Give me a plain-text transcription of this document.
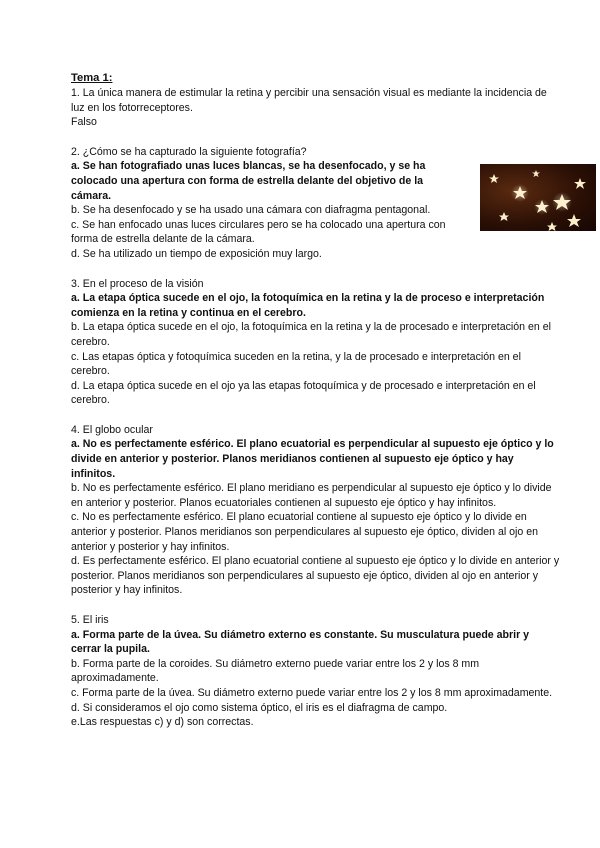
Tema 1:

1. La única manera de estimular la retina y percibir una sensación visual es mediante la incidencia de luz en los fotorreceptores.

Falso

2. ¿Cómo se ha capturado la siguiente fotografía?

a. Se han fotografiado unas luces blancas, se ha desenfocado, y se ha colocado una apertura con forma de estrella delante del objetivo de la cámara.

b. Se ha desenfocado y se ha usado una cámara con diafragma pentagonal.

c. Se han enfocado unas luces circulares pero se ha colocado una apertura con forma de estrella delante de la cámara.

d. Se ha utilizado un tiempo de exposición muy largo.

3. En el proceso de la visión

a. La etapa óptica sucede en el ojo, la fotoquímica en la retina y la de proceso e interpretación comienza en la retina y continua en el cerebro.

b. La etapa óptica sucede en el ojo, la fotoquímica en la retina y la de procesado e interpretación en el cerebro.

c. Las etapas óptica y fotoquímica suceden en la retina, y la de procesado e interpretación en el cerebro.

d. La etapa óptica sucede en el ojo ya las etapas fotoquímica y de procesado e interpretación en el cerebro.

4. El globo ocular

a. No es perfectamente esférico. El plano ecuatorial es perpendicular al supuesto eje óptico y lo divide en anterior y posterior. Planos meridianos contienen al supuesto eje óptico y hay infinitos.

b. No es perfectamente esférico. El plano meridiano es perpendicular al supuesto eje óptico y lo divide en anterior y posterior. Planos ecuatoriales contienen al supuesto eje óptico y hay infinitos.

c. No es perfectamente esférico. El plano ecuatorial contiene al supuesto eje óptico y lo divide en anterior y posterior. Planos meridianos son perpendiculares al supuesto eje óptico, dividen al ojo en anterior y posterior y hay infinitos.

d. Es perfectamente esférico. El plano ecuatorial contiene al supuesto eje óptico y lo divide en anterior y posterior. Planos meridianos son perpendiculares al supuesto eje óptico, dividen al ojo en anterior y posterior y hay infinitos.

5. El iris

a. Forma parte de la úvea. Su diámetro externo es constante. Su musculatura puede abrir y cerrar la pupila.

b. Forma parte de la coroides. Su diámetro externo puede variar entre los 2 y los 8 mm aproximadamente.

c. Forma parte de la úvea. Su diámetro externo puede variar entre los 2 y los 8 mm aproximadamente.

d. Si consideramos el ojo como sistema óptico, el iris es el diafragma de campo.

e.Las respuestas c) y d) son correctas.
